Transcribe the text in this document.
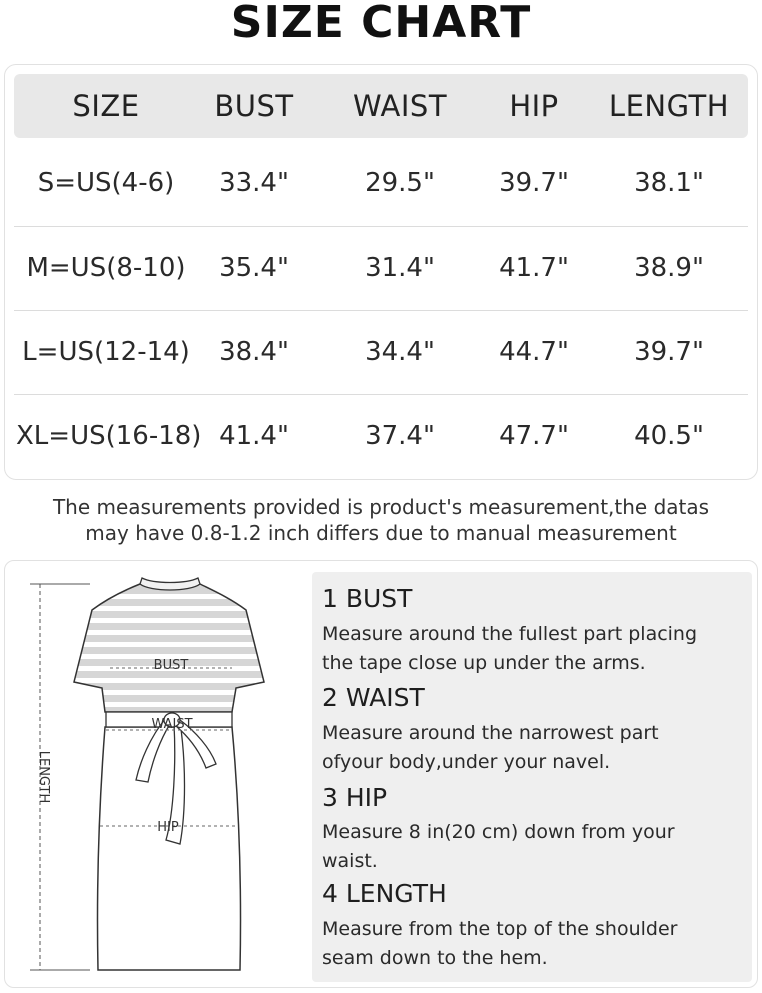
SIZE CHART
SIZE	BUST	WAIST	HIP	LENGTH
S=US(4-6)	33.4"	29.5"	39.7"	38.1"
M=US(8-10)	35.4"	31.4"	41.7"	38.9"
L=US(12-14)	38.4"	34.4"	44.7"	39.7"
XL=US(16-18) 41.4"	37.4"	47.7"	40.5"
The measurements provided is product's measurement,the datas
may have 0.8-1.2 inch differs due to manual measurement
BUST
WAIST
HIP
LENGTH
1 BUST
Measure around the fullest part placing
the tape close up under the arms.
2 WAIST
Measure around the narrowest part
ofyour body,under your navel.
3 HIP
Measure 8 in(20 cm) down from your
waist.
4 LENGTH
Measure from the top of the shoulder
seam down to the hem.
